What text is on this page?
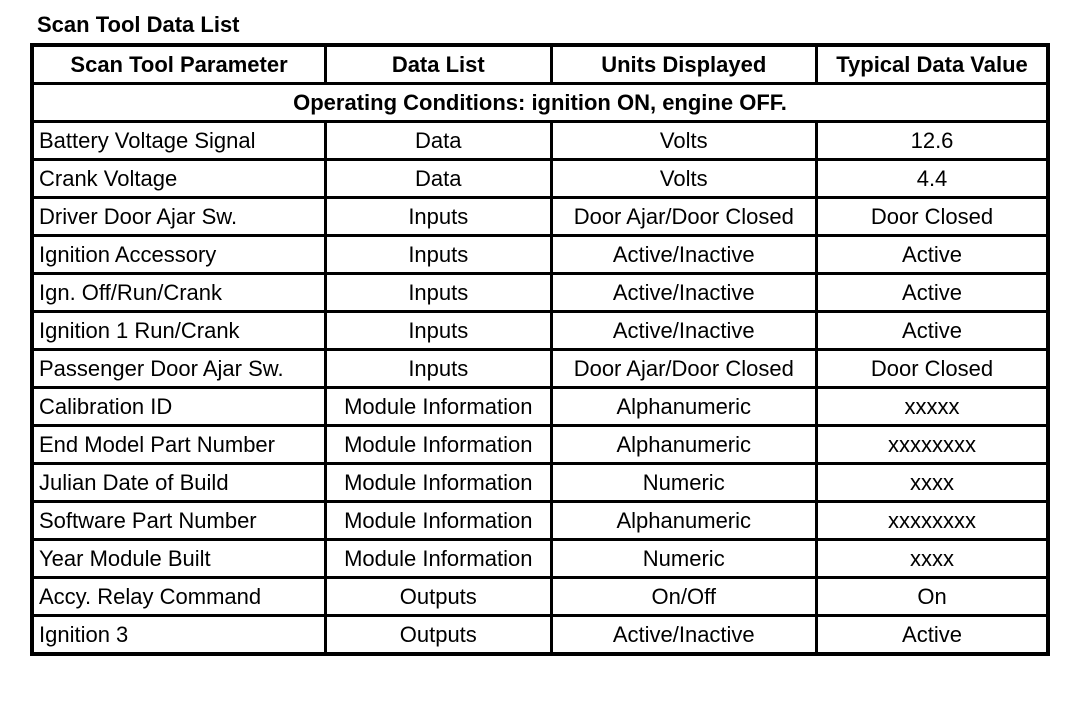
Scan Tool Data List
Scan Tool Parameter	Data List	Units Displayed	Typical Data Value
Operating Conditions: ignition ON, engine OFF.			
Battery Voltage Signal	Data	Volts	12.6
Crank Voltage	Data	Volts	4.4
Driver Door Ajar Sw.	Inputs	Door Ajar/Door Closed	Door Closed
Ignition Accessory	Inputs	Active/Inactive	Active
Ign. Off/Run/Crank	Inputs	Active/Inactive	Active
Ignition 1 Run/Crank	Inputs	Active/Inactive	Active
Passenger Door Ajar Sw.	Inputs	Door Ajar/Door Closed	Door Closed
Calibration ID	Module Information	Alphanumeric	xxxxx
End Model Part Number	Module Information	Alphanumeric	xxxxxxxx
Julian Date of Build	Module Information	Numeric	xxxx
Software Part Number	Module Information	Alphanumeric	xxxxxxxx
Year Module Built	Module Information	Numeric	xxxx
Accy. Relay Command	Outputs	On/Off	On
Ignition 3	Outputs	Active/Inactive	Active
